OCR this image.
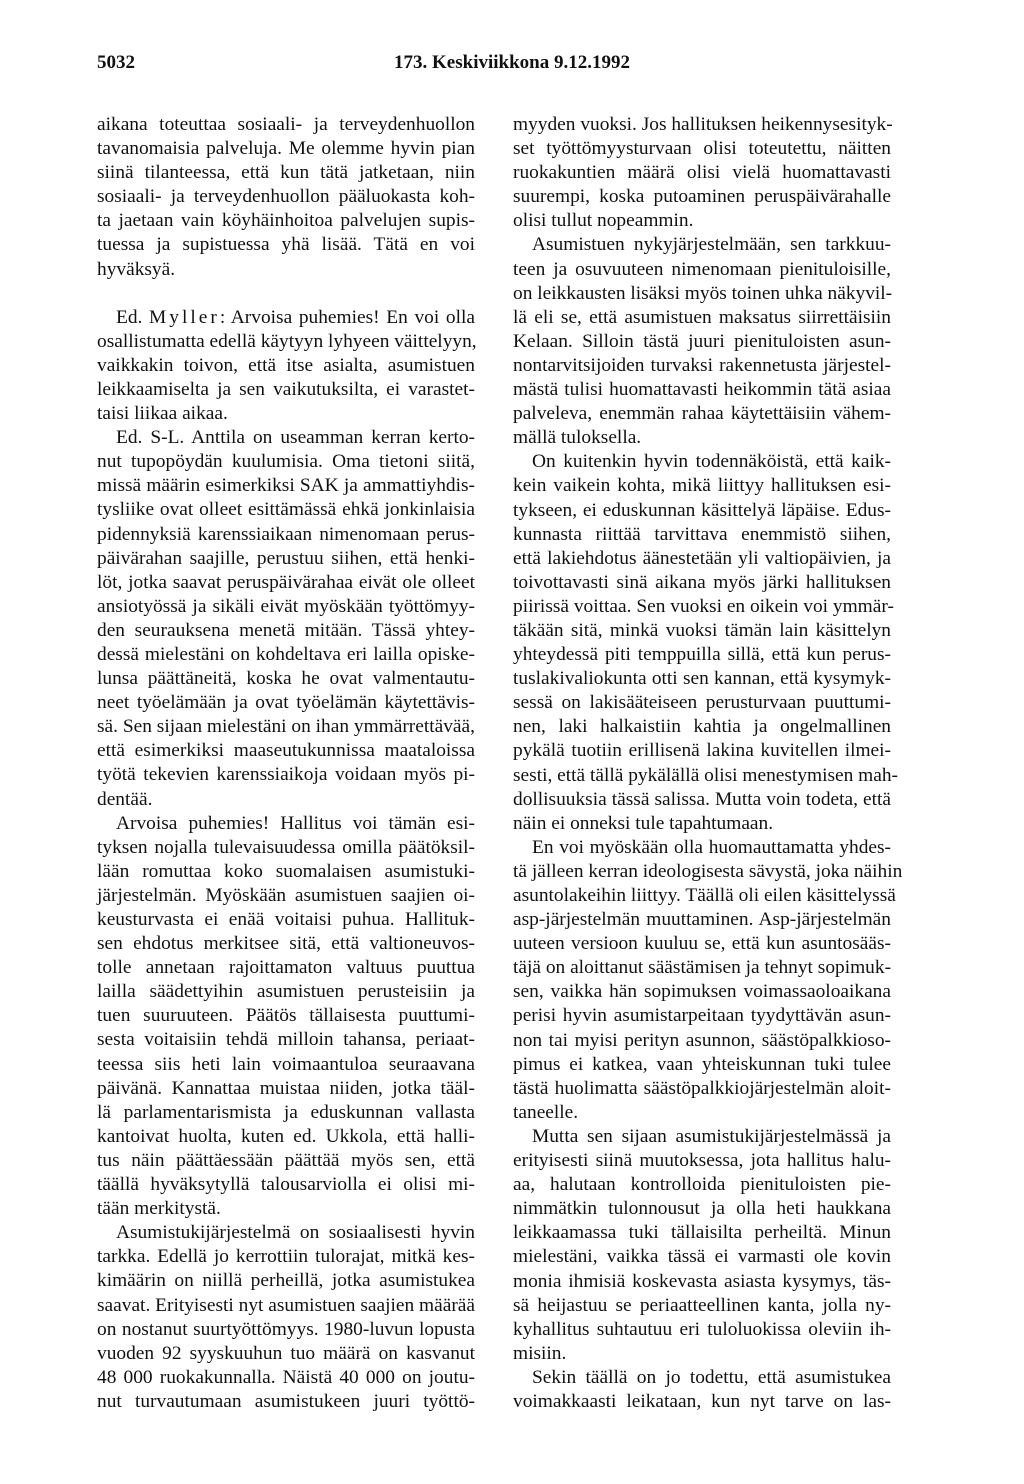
5032	173. Keskiviikkona 9.12.1992
aikana toteuttaa sosiaali- ja terveydenhuollon
tavanomaisia palveluja. Me olemme hyvin pian
siinä tilanteessa, että kun tätä jatketaan, niin
sosiaali- ja terveydenhuollon pääluokasta koh-
ta jaetaan vain köyhäinhoitoa palvelujen supis-
tuessa ja supistuessa yhä lisää. Tätä en voi
hyväksyä.
Ed. Myller: Arvoisa puhemies! En voi olla
osallistumatta edellä käytyyn lyhyeen väittelyyn,
vaikkakin toivon, että itse asialta, asumistuen
leikkaamiselta ja sen vaikutuksilta, ei varastet-
taisi liikaa aikaa.
Ed. S-L. Anttila on useamman kerran kerto-
nut tupopöydän kuulumisia. Oma tietoni siitä,
missä määrin esimerkiksi SAK ja ammattiyhdis-
tysliike ovat olleet esittämässä ehkä jonkinlaisia
pidennyksiä karenssiaikaan nimenomaan perus-
päivärahan saajille, perustuu siihen, että henki-
löt, jotka saavat peruspäivärahaa eivät ole olleet
ansiotyössä ja sikäli eivät myöskään työttömyy-
den seurauksena menetä mitään. Tässä yhtey-
dessä mielestäni on kohdeltava eri lailla opiske-
lunsa päättäneitä, koska he ovat valmentautu-
neet työelämään ja ovat työelämän käytettävis-
sä. Sen sijaan mielestäni on ihan ymmärrettävää,
että esimerkiksi maaseutukunnissa maataloissa
työtä tekevien karenssiaikoja voidaan myös pi-
dentää.
Arvoisa puhemies! Hallitus voi tämän esi-
tyksen nojalla tulevaisuudessa omilla päätöksil-
lään romuttaa koko suomalaisen asumistuki-
järjestelmän. Myöskään asumistuen saajien oi-
keusturvasta ei enää voitaisi puhua. Hallituk-
sen ehdotus merkitsee sitä, että valtioneuvos-
tolle annetaan rajoittamaton valtuus puuttua
lailla säädettyihin asumistuen perusteisiin ja
tuen suuruuteen. Päätös tällaisesta puuttumi-
sesta voitaisiin tehdä milloin tahansa, periaat-
teessa siis heti lain voimaantuloa seuraavana
päivänä. Kannattaa muistaa niiden, jotka tääl-
lä parlamentarismista ja eduskunnan vallasta
kantoivat huolta, kuten ed. Ukkola, että halli-
tus näin päättäessään päättää myös sen, että
täällä hyväksytyllä talousarviolla ei olisi mi-
tään merkitystä.
Asumistukijärjestelmä on sosiaalisesti hyvin
tarkka. Edellä jo kerrottiin tulorajat, mitkä kes-
kimäärin on niillä perheillä, jotka asumistukea
saavat. Erityisesti nyt asumistuen saajien määrää
on nostanut suurtyöttömyys. 1980-luvun lopusta
vuoden 92 syyskuuhun tuo määrä on kasvanut
48 000 ruokakunnalla. Näistä 40 000 on joutu-
nut turvautumaan asumistukeen juuri työttö-
myyden vuoksi. Jos hallituksen heikennysesityk-
set työttömyysturvaan olisi toteutettu, näitten
ruokakuntien määrä olisi vielä huomattavasti
suurempi, koska putoaminen peruspäivärahalle
olisi tullut nopeammin.
Asumistuen nykyjärjestelmään, sen tarkkuu-
teen ja osuvuuteen nimenomaan pienituloisille,
on leikkausten lisäksi myös toinen uhka näkyvil-
lä eli se, että asumistuen maksatus siirrettäisiin
Kelaan. Silloin tästä juuri pienituloisten asun-
nontarvitsijoiden turvaksi rakennetusta järjestel-
mästä tulisi huomattavasti heikommin tätä asiaa
palveleva, enemmän rahaa käytettäisiin vähem-
mällä tuloksella.
On kuitenkin hyvin todennäköistä, että kaik-
kein vaikein kohta, mikä liittyy hallituksen esi-
tykseen, ei eduskunnan käsittelyä läpäise. Edus-
kunnasta riittää tarvittava enemmistö siihen,
että lakiehdotus äänestetään yli valtiopäivien, ja
toivottavasti sinä aikana myös järki hallituksen
piirissä voittaa. Sen vuoksi en oikein voi ymmär-
täkään sitä, minkä vuoksi tämän lain käsittelyn
yhteydessä piti temppuilla sillä, että kun perus-
tuslakivaliokunta otti sen kannan, että kysymyk-
sessä on lakisääteiseen perusturvaan puuttumi-
nen, laki halkaistiin kahtia ja ongelmallinen
pykälä tuotiin erillisenä lakina kuvitellen ilmei-
sesti, että tällä pykälällä olisi menestymisen mah-
dollisuuksia tässä salissa. Mutta voin todeta, että
näin ei onneksi tule tapahtumaan.
En voi myöskään olla huomauttamatta yhdes-
tä jälleen kerran ideologisesta sävystä, joka näihin
asuntolakeihin liittyy. Täällä oli eilen käsittelyssä
asp-järjestelmän muuttaminen. Asp-järjestelmän
uuteen versioon kuuluu se, että kun asuntosääs-
täjä on aloittanut säästämisen ja tehnyt sopimuk-
sen, vaikka hän sopimuksen voimassaoloaikana
perisi hyvin asumistarpeitaan tyydyttävän asun-
non tai myisi perityn asunnon, säästöpalkkioso-
pimus ei katkea, vaan yhteiskunnan tuki tulee
tästä huolimatta säästöpalkkiojärjestelmän aloit-
taneelle.
Mutta sen sijaan asumistukijärjestelmässä ja
erityisesti siinä muutoksessa, jota hallitus halu-
aa, halutaan kontrolloida pienituloisten pie-
nimmätkin tulonnousut ja olla heti haukkana
leikkaamassa tuki tällaisilta perheiltä. Minun
mielestäni, vaikka tässä ei varmasti ole kovin
monia ihmisiä koskevasta asiasta kysymys, täs-
sä heijastuu se periaatteellinen kanta, jolla ny-
kyhallitus suhtautuu eri tuloluokissa oleviin ih-
misiin.
Sekin täällä on jo todettu, että asumistukea
voimakkaasti leikataan, kun nyt tarve on las-
